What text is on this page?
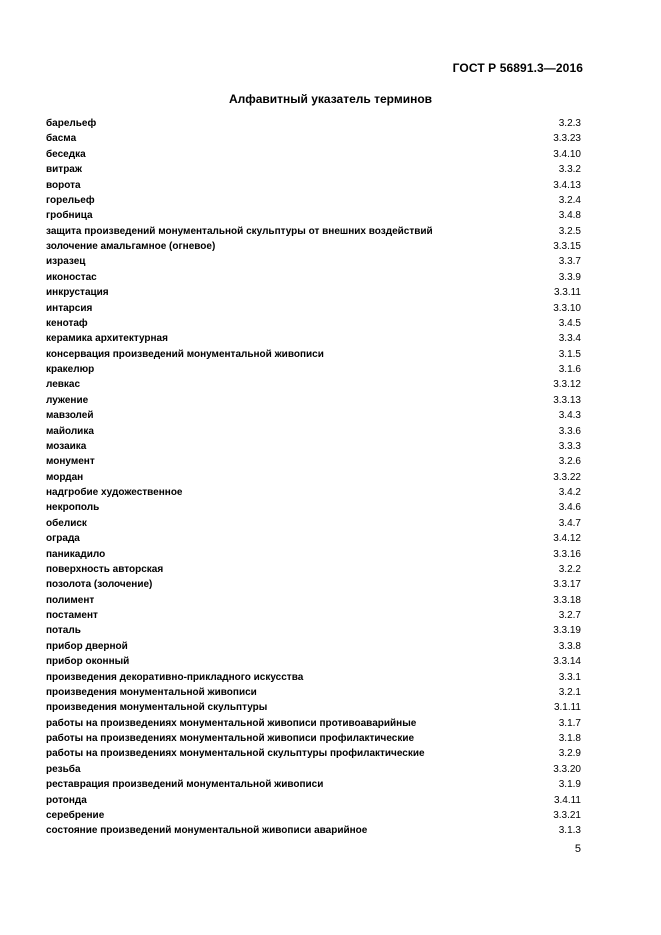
ГОСТ Р 56891.3—2016
Алфавитный указатель терминов
барельеф	3.2.3
басма	3.3.23
беседка	3.4.10
витраж	3.3.2
ворота	3.4.13
горельеф	3.2.4
гробница	3.4.8
защита произведений монументальной скульптуры от внешних воздействий	3.2.5
золочение амальгамное (огневое)	3.3.15
изразец	3.3.7
иконостас	3.3.9
инкрустация	3.3.11
интарсия	3.3.10
кенотаф	3.4.5
керамика архитектурная	3.3.4
консервация произведений монументальной живописи	3.1.5
кракелюр	3.1.6
левкас	3.3.12
лужение	3.3.13
мавзолей	3.4.3
майолика	3.3.6
мозаика	3.3.3
монумент	3.2.6
мордан	3.3.22
надгробие художественное	3.4.2
некрополь	3.4.6
обелиск	3.4.7
ограда	3.4.12
паникадило	3.3.16
поверхность авторская	3.2.2
позолота (золочение)	3.3.17
полимент	3.3.18
постамент	3.2.7
поталь	3.3.19
прибор дверной	3.3.8
прибор оконный	3.3.14
произведения декоративно-прикладного искусства	3.3.1
произведения монументальной живописи	3.2.1
произведения монументальной скульптуры	3.1.11
работы на произведениях монументальной живописи противоаварийные	3.1.7
работы на произведениях монументальной живописи профилактические	3.1.8
работы на произведениях монументальной скульптуры профилактические	3.2.9
резьба	3.3.20
реставрация произведений монументальной живописи	3.1.9
ротонда	3.4.11
серебрение	3.3.21
состояние произведений монументальной живописи аварийное	3.1.3
5
